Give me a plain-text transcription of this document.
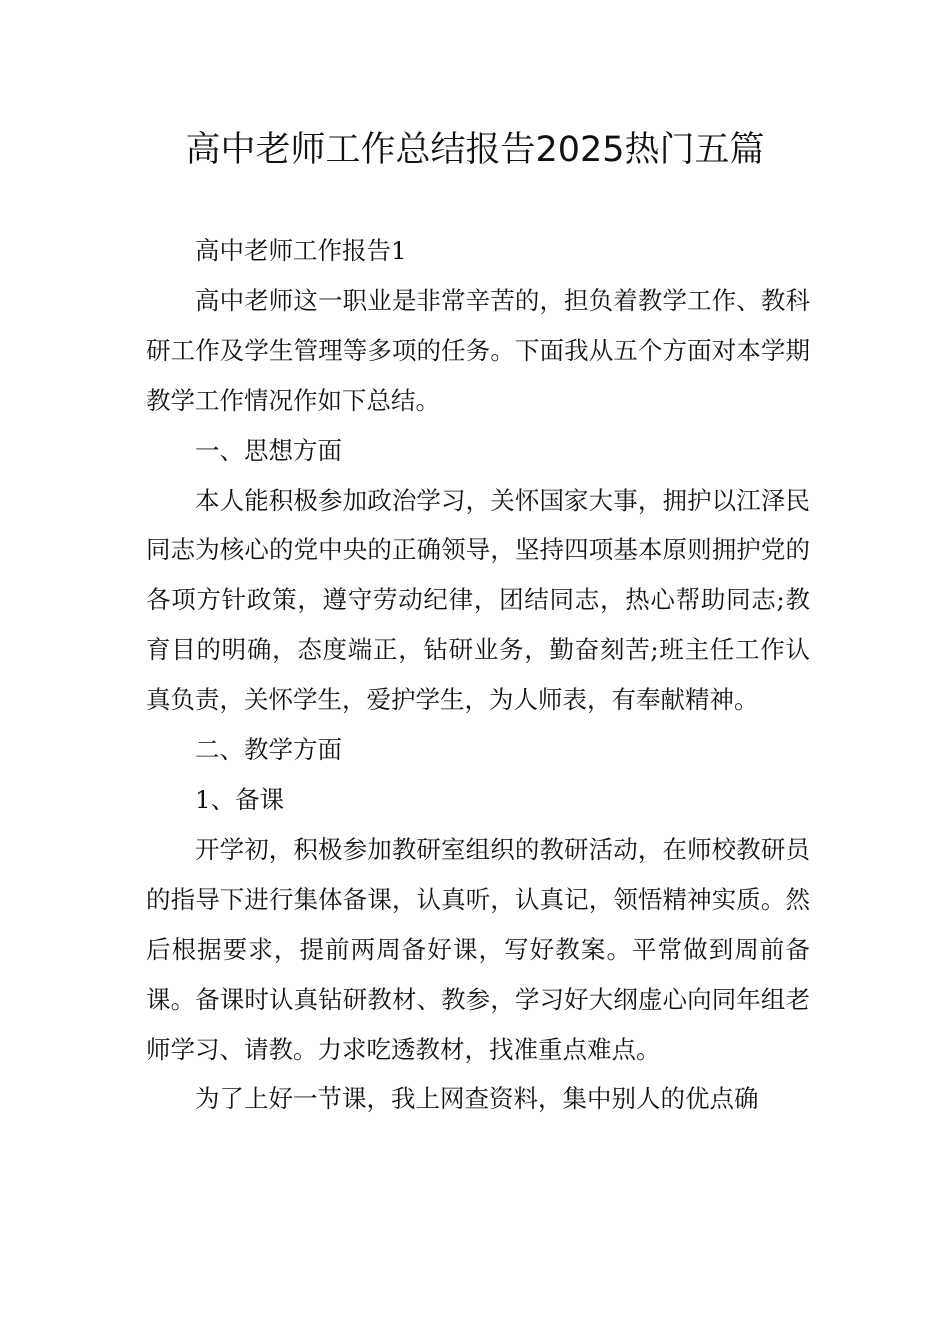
高中老师工作总结报告2025热门五篇

高中老师工作报告1

高中老师这一职业是非常辛苦的，担负着教学工作、教科研工作及学生管理等多项的任务。下面我从五个方面对本学期教学工作情况作如下总结。

一、思想方面

本人能积极参加政治学习，关怀国家大事，拥护以江泽民同志为核心的党中央的正确领导，坚持四项基本原则拥护党的各项方针政策，遵守劳动纪律，团结同志，热心帮助同志;教育目的明确，态度端正，钻研业务，勤奋刻苦;班主任工作认真负责，关怀学生，爱护学生，为人师表，有奉献精神。

二、教学方面

1、备课

开学初，积极参加教研室组织的教研活动，在师校教研员的指导下进行集体备课，认真听，认真记，领悟精神实质。然后根据要求，提前两周备好课，写好教案。平常做到周前备课。备课时认真钻研教材、教参，学习好大纲虚心向同年组老师学习、请教。力求吃透教材，找准重点难点。

为了上好一节课，我上网查资料，集中别人的优点确
